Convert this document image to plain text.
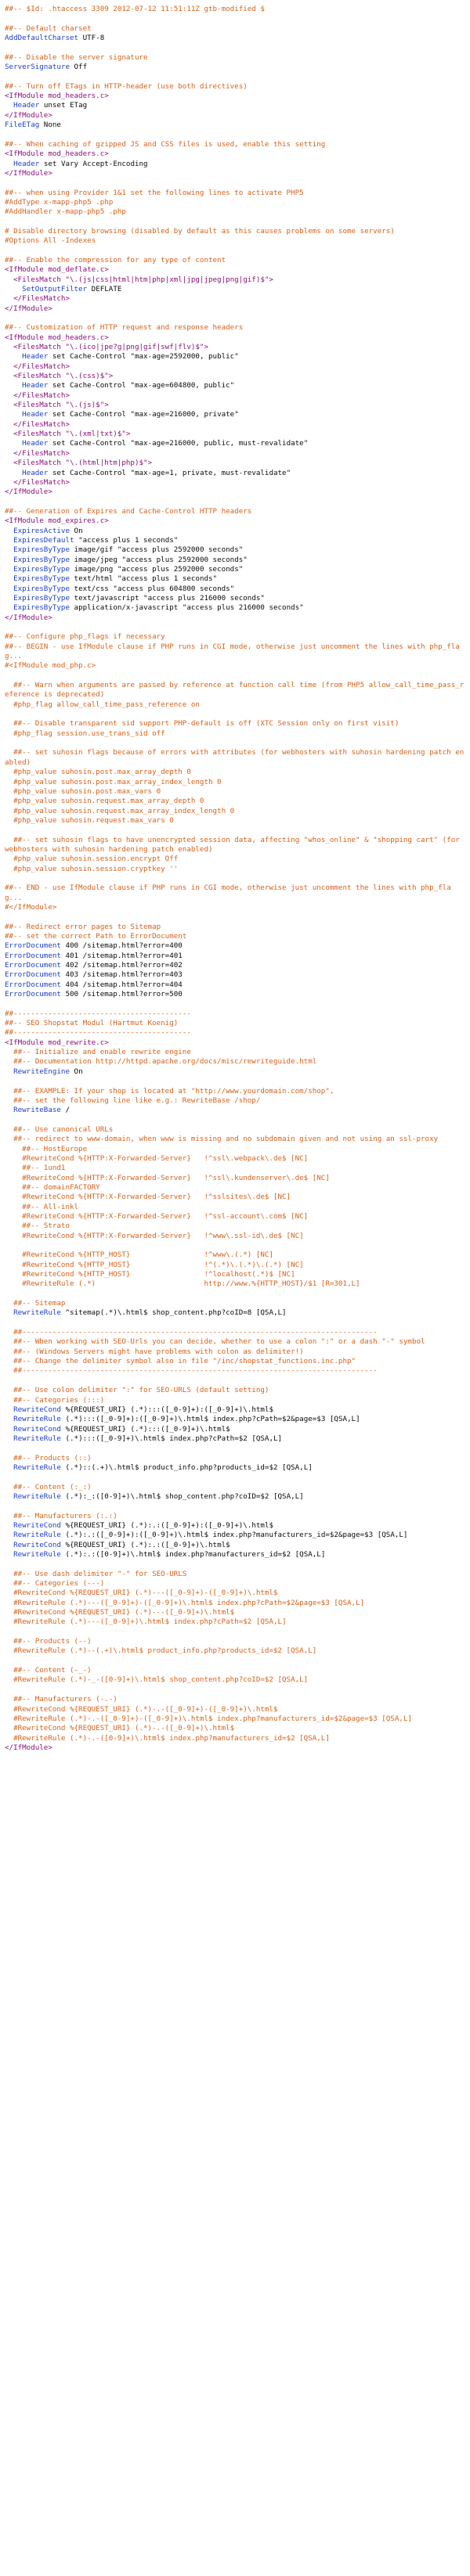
##-- $Id: .htaccess 3309 2012-07-12 11:51:11Z gtb-modified $
##-- Default charset
AddDefaultCharset UTF-8
##-- Disable the server signature
ServerSignature Off
##-- Turn off ETags in HTTP-header (use both directives)
<IfModule mod_headers.c>
Header unset ETag
</IfModule>
FileETag None
##-- When caching of gzipped JS and CSS files is used, enable this setting
<IfModule mod_headers.c>
Header set Vary Accept-Encoding
</IfModule>
##-- when using Provider 1&1 set the following lines to activate PHP5
#AddType x-mapp-php5 .php
#AddHandler x-mapp-php5 .php
# Disable directory browsing (disabled by default as this causes problems on some servers)
#Options All -Indexes
##-- Enable the compression for any type of content
<IfModule mod_deflate.c>
<FilesMatch "\.(js|css|html|htm|php|xml|jpg|jpeg|png|gif)$">
SetOutputFilter DEFLATE
</FilesMatch>
</IfModule>
##-- Customization of HTTP request and response headers
<IfModule mod_headers.c>
<FilesMatch "\.(ico|jpe?g|png|gif|swf|flv)$">
Header set Cache-Control "max-age=2592000, public"
</FilesMatch>
<FilesMatch "\.(css)$">
Header set Cache-Control "max-age=604800, public"
</FilesMatch>
<FilesMatch "\.(js)$">
Header set Cache-Control "max-age=216000, private"
</FilesMatch>
<FilesMatch "\.(xml|txt)$">
Header set Cache-Control "max-age=216000, public, must-revalidate"
</FilesMatch>
<FilesMatch "\.(html|htm|php)$">
Header set Cache-Control "max-age=1, private, must-revalidate"
</FilesMatch>
</IfModule>
##-- Generation of Expires and Cache-Control HTTP headers
<IfModule mod_expires.c>
ExpiresActive On
ExpiresDefault "access plus 1 seconds"
ExpiresByType image/gif "access plus 2592000 seconds"
ExpiresByType image/jpeg "access plus 2592000 seconds"
ExpiresByType image/png "access plus 2592000 seconds"
ExpiresByType text/html "access plus 1 seconds"
ExpiresByType text/css "access plus 604800 seconds"
ExpiresByType text/javascript "access plus 216000 seconds"
ExpiresByType application/x-javascript "access plus 216000 seconds"
</IfModule>
##-- Configure php_flags if necessary
##-- BEGIN - use IfModule clause if PHP runs in CGI mode, otherwise just uncomment the lines with php_flag...
#<IfModule mod_php.c>
##-- Warn when arguments are passed by reference at function call time (from PHP5 allow_call_time_pass_reference is deprecated)
#php_flag allow_call_time_pass_reference on
##-- Disable transparent sid support PHP-default is off (XTC Session only on first visit)
#php_flag session.use_trans_sid off
##-- set suhosin flags because of errors with attributes (for webhosters with suhosin hardening patch enabled)
#php_value suhosin.post.max_array_depth 0
#php_value suhosin.post.max_array_index_length 0
#php_value suhosin.post.max_vars 0
#php_value suhosin.request.max_array_depth 0
#php_value suhosin.request.max_array_index_length 0
#php_value suhosin.request.max_vars 0
##-- set suhosin flags to have unencrypted session data, affecting "whos_online" & "shopping cart" (for webhosters with suhosin hardening patch enabled)
#php_value suhosin.session.encrypt Off
#php_value suhosin.session.cryptkey ''
##-- END - use IfModule clause if PHP runs in CGI mode, otherwise just uncomment the lines with php_flag...
#</IfModule>
##-- Redirect error pages to Sitemap
##-- set the correct Path to ErrorDocument
ErrorDocument 400 /sitemap.html?error=400
ErrorDocument 401 /sitemap.html?error=401
ErrorDocument 402 /sitemap.html?error=402
ErrorDocument 403 /sitemap.html?error=403
ErrorDocument 404 /sitemap.html?error=404
ErrorDocument 500 /sitemap.html?error=500
##-----------------------------------------
##-- SEO Shopstat Modul (Hartmut Koenig)
##-----------------------------------------
<IfModule mod_rewrite.c>
##-- Initialize and enable rewrite engine
##-- Documentation http://httpd.apache.org/docs/misc/rewriteguide.html
RewriteEngine On
##-- EXAMPLE: If your shop is located at "http://www.yourdomain.com/shop",
##-- set the following line like e.g.: RewriteBase /shop/
RewriteBase /
##-- Use canonical URLs
##-- redirect to www-domain, when www is missing and no subdomain given and not using an ssl-proxy
##-- HostEurope
#RewriteCond %{HTTP:X-Forwarded-Server}   !^ssl\.webpack\.de$ [NC]
##-- 1und1
#RewriteCond %{HTTP:X-Forwarded-Server}   !^ssl\.kundenserver\.de$ [NC]
##-- domainFACTORY
#RewriteCond %{HTTP:X-Forwarded-Server}   !^sslsites\.de$ [NC]
##-- All-inkl
#RewriteCond %{HTTP:X-Forwarded-Server}   !^ssl-account\.com$ [NC]
##-- Strato
#RewriteCond %{HTTP:X-Forwarded-Server}   !^www\.ssl-id\.de$ [NC]
#RewriteCond %{HTTP_HOST}                 !^www\.(.*) [NC]
#RewriteCond %{HTTP_HOST}                 !^(.*)\.(.*)\.(.*) [NC]
#RewriteCond %{HTTP_HOST}                 !^localhost(.*)$ [NC]
#RewriteRule (.*)                         http://www.%{HTTP_HOST}/$1 [R=301,L]
##-- Sitemap
RewriteRule ^sitemap(.*)\.html$ shop_content.php?coID=8 [QSA,L]
##----------------------------------------------------------------------------------
##-- When working with SEO-Urls you can decide, whether to use a colon ":" or a dash "-" symbol
##-- (Windows Servers might have problems with colon as delimiter!)
##-- Change the delimiter symbol also in file "/inc/shopstat_functions.inc.php"
##----------------------------------------------------------------------------------
##-- Use colon delimiter ":" for SEO-URLS (default setting)
##-- Categories (:::)
RewriteCond %{REQUEST_URI} (.*):::([_0-9]+):([_0-9]+)\.html$
RewriteRule (.*):::([_0-9]+):([_0-9]+)\.html$ index.php?cPath=$2&page=$3 [QSA,L]
RewriteCond %{REQUEST_URI} (.*):::([_0-9]+)\.html$
RewriteRule (.*):::([_0-9]+)\.html$ index.php?cPath=$2 [QSA,L]
##-- Products (::)
RewriteRule (.*)::(.+)\.html$ product_info.php?products_id=$2 [QSA,L]
##-- Content (:_:)
RewriteRule (.*):_:([0-9]+)\.html$ shop_content.php?coID=$2 [QSA,L]
##-- Manufacturers (:.:)
RewriteCond %{REQUEST_URI} (.*):.:([_0-9]+):([_0-9]+)\.html$
RewriteRule (.*):.:([_0-9]+):([_0-9]+)\.html$ index.php?manufacturers_id=$2&page=$3 [QSA,L]
RewriteCond %{REQUEST_URI} (.*):.:([_0-9]+)\.html$
RewriteRule (.*):.:([0-9]+)\.html$ index.php?manufacturers_id=$2 [QSA,L]
##-- Use dash delimiter "-" for SEO-URLS
##-- Categories (---)
#RewriteCond %{REQUEST_URI} (.*)---([_0-9]+)-([_0-9]+)\.html$
#RewriteRule (.*)---([_0-9]+)-([_0-9]+)\.html$ index.php?cPath=$2&page=$3 [QSA,L]
#RewriteCond %{REQUEST_URI} (.*)---([_0-9]+)\.html$
#RewriteRule (.*)---([_0-9]+)\.html$ index.php?cPath=$2 [QSA,L]
##-- Products (--)
#RewriteRule (.*)--(.+)\.html$ product_info.php?products_id=$2 [QSA,L]
##-- Content (-_-)
#RewriteRule (.*)-_-([0-9]+)\.html$ shop_content.php?coID=$2 [QSA,L]
##-- Manufacturers (-.-)
#RewriteCond %{REQUEST_URI} (.*)-.-([_0-9]+)-([_0-9]+)\.html$
#RewriteRule (.*)-.-([_0-9]+)-([_0-9]+)\.html$ index.php?manufacturers_id=$2&page=$3 [QSA,L]
#RewriteCond %{REQUEST_URI} (.*)-.-([_0-9]+)\.html$
#RewriteRule (.*)-.-([0-9]+)\.html$ index.php?manufacturers_id=$2 [QSA,L]
</IfModule>
